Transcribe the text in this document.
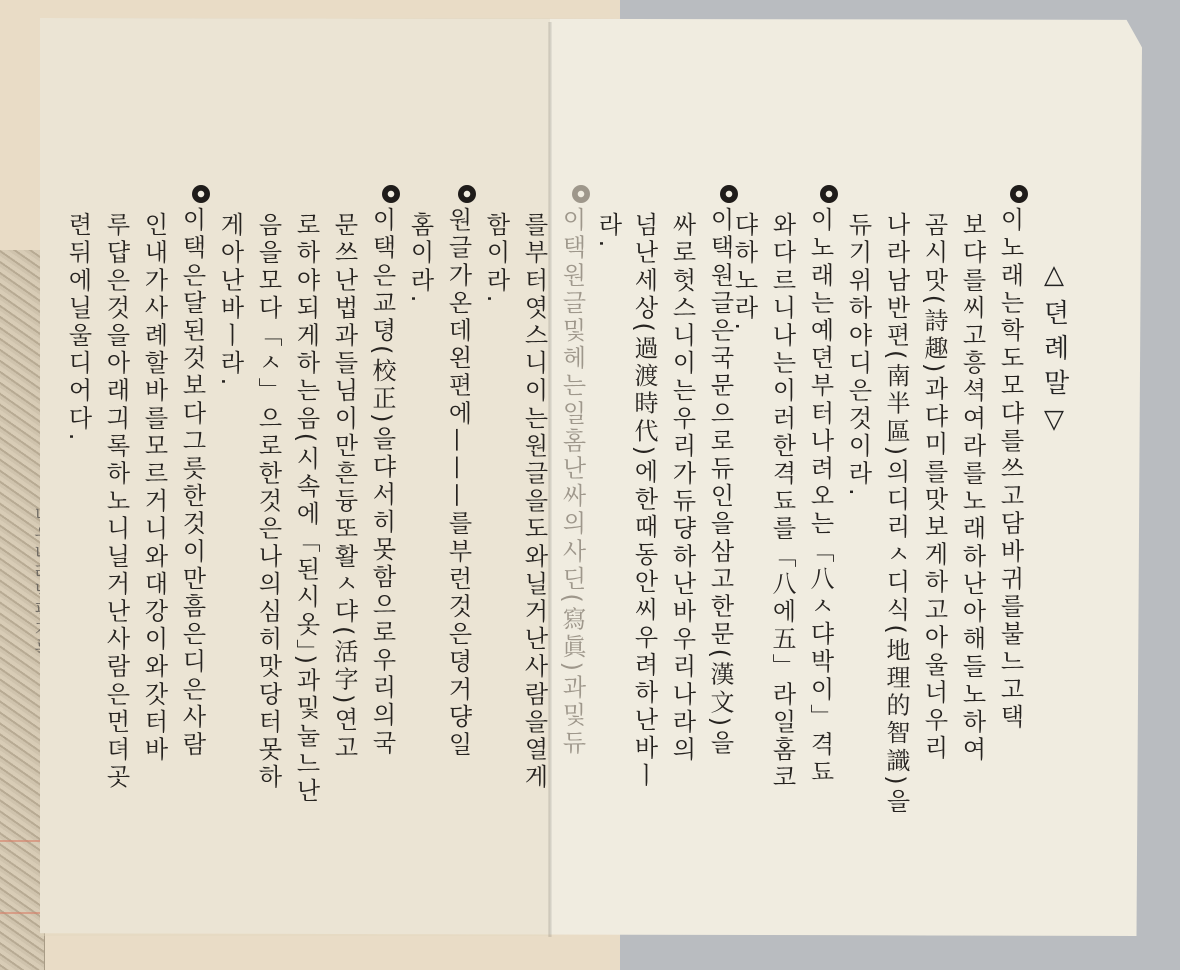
△뎐례말▽
이노래는학도모댜를쓰고담바귀를불느고택
보댜를씨고흥셕여라를노래하난아해들노하여
곰시맛(詩趣)과댜미를맛보게하고아울너우리
나라남반편(南半區)의디리ㅅ디식(地理的智識)을
듀기위하야디은것이라.
이노래는예뎐부터나려오는「八ㅅ댜박이」격됴
와다르니나는이러한격됴를「八에五」라일홈코
댜하노라.
이택원글은국문으로듀인을삼고한문(漢文)을
싸로헛스니이는우리가듀댱하난바우리나라의
넘난세상(過渡時代)에한때동안씨우려하난바ㅣ
라.
이택원글및헤는일홈난싸의사딘(寫眞)과및듀
를부터엿스니이는원글을도와닐거난사람을열게
함이라.
원글가온데왼편에———를부런것은뎡거댱일
홈이라.
이택은교뎡(校正)을댜서히못함으로우리의국
문쓰난법과들님이만흔듕또활ㅅ댜(活字)연고
로하야되게하는음(시속에「된시옷」)과및눌느난
음을모다「ㅅ」으로한것은나의심히맛당터못하
게아난바ㅣ라.
이택은달된것보다그릇한것이만흠은디은사람
인내가사례할바를모르거니와대강이와갓터바
루댭은것을아래긔록하노니닐거난사람은먼뎌곳
련뒤에닐울디어다.
